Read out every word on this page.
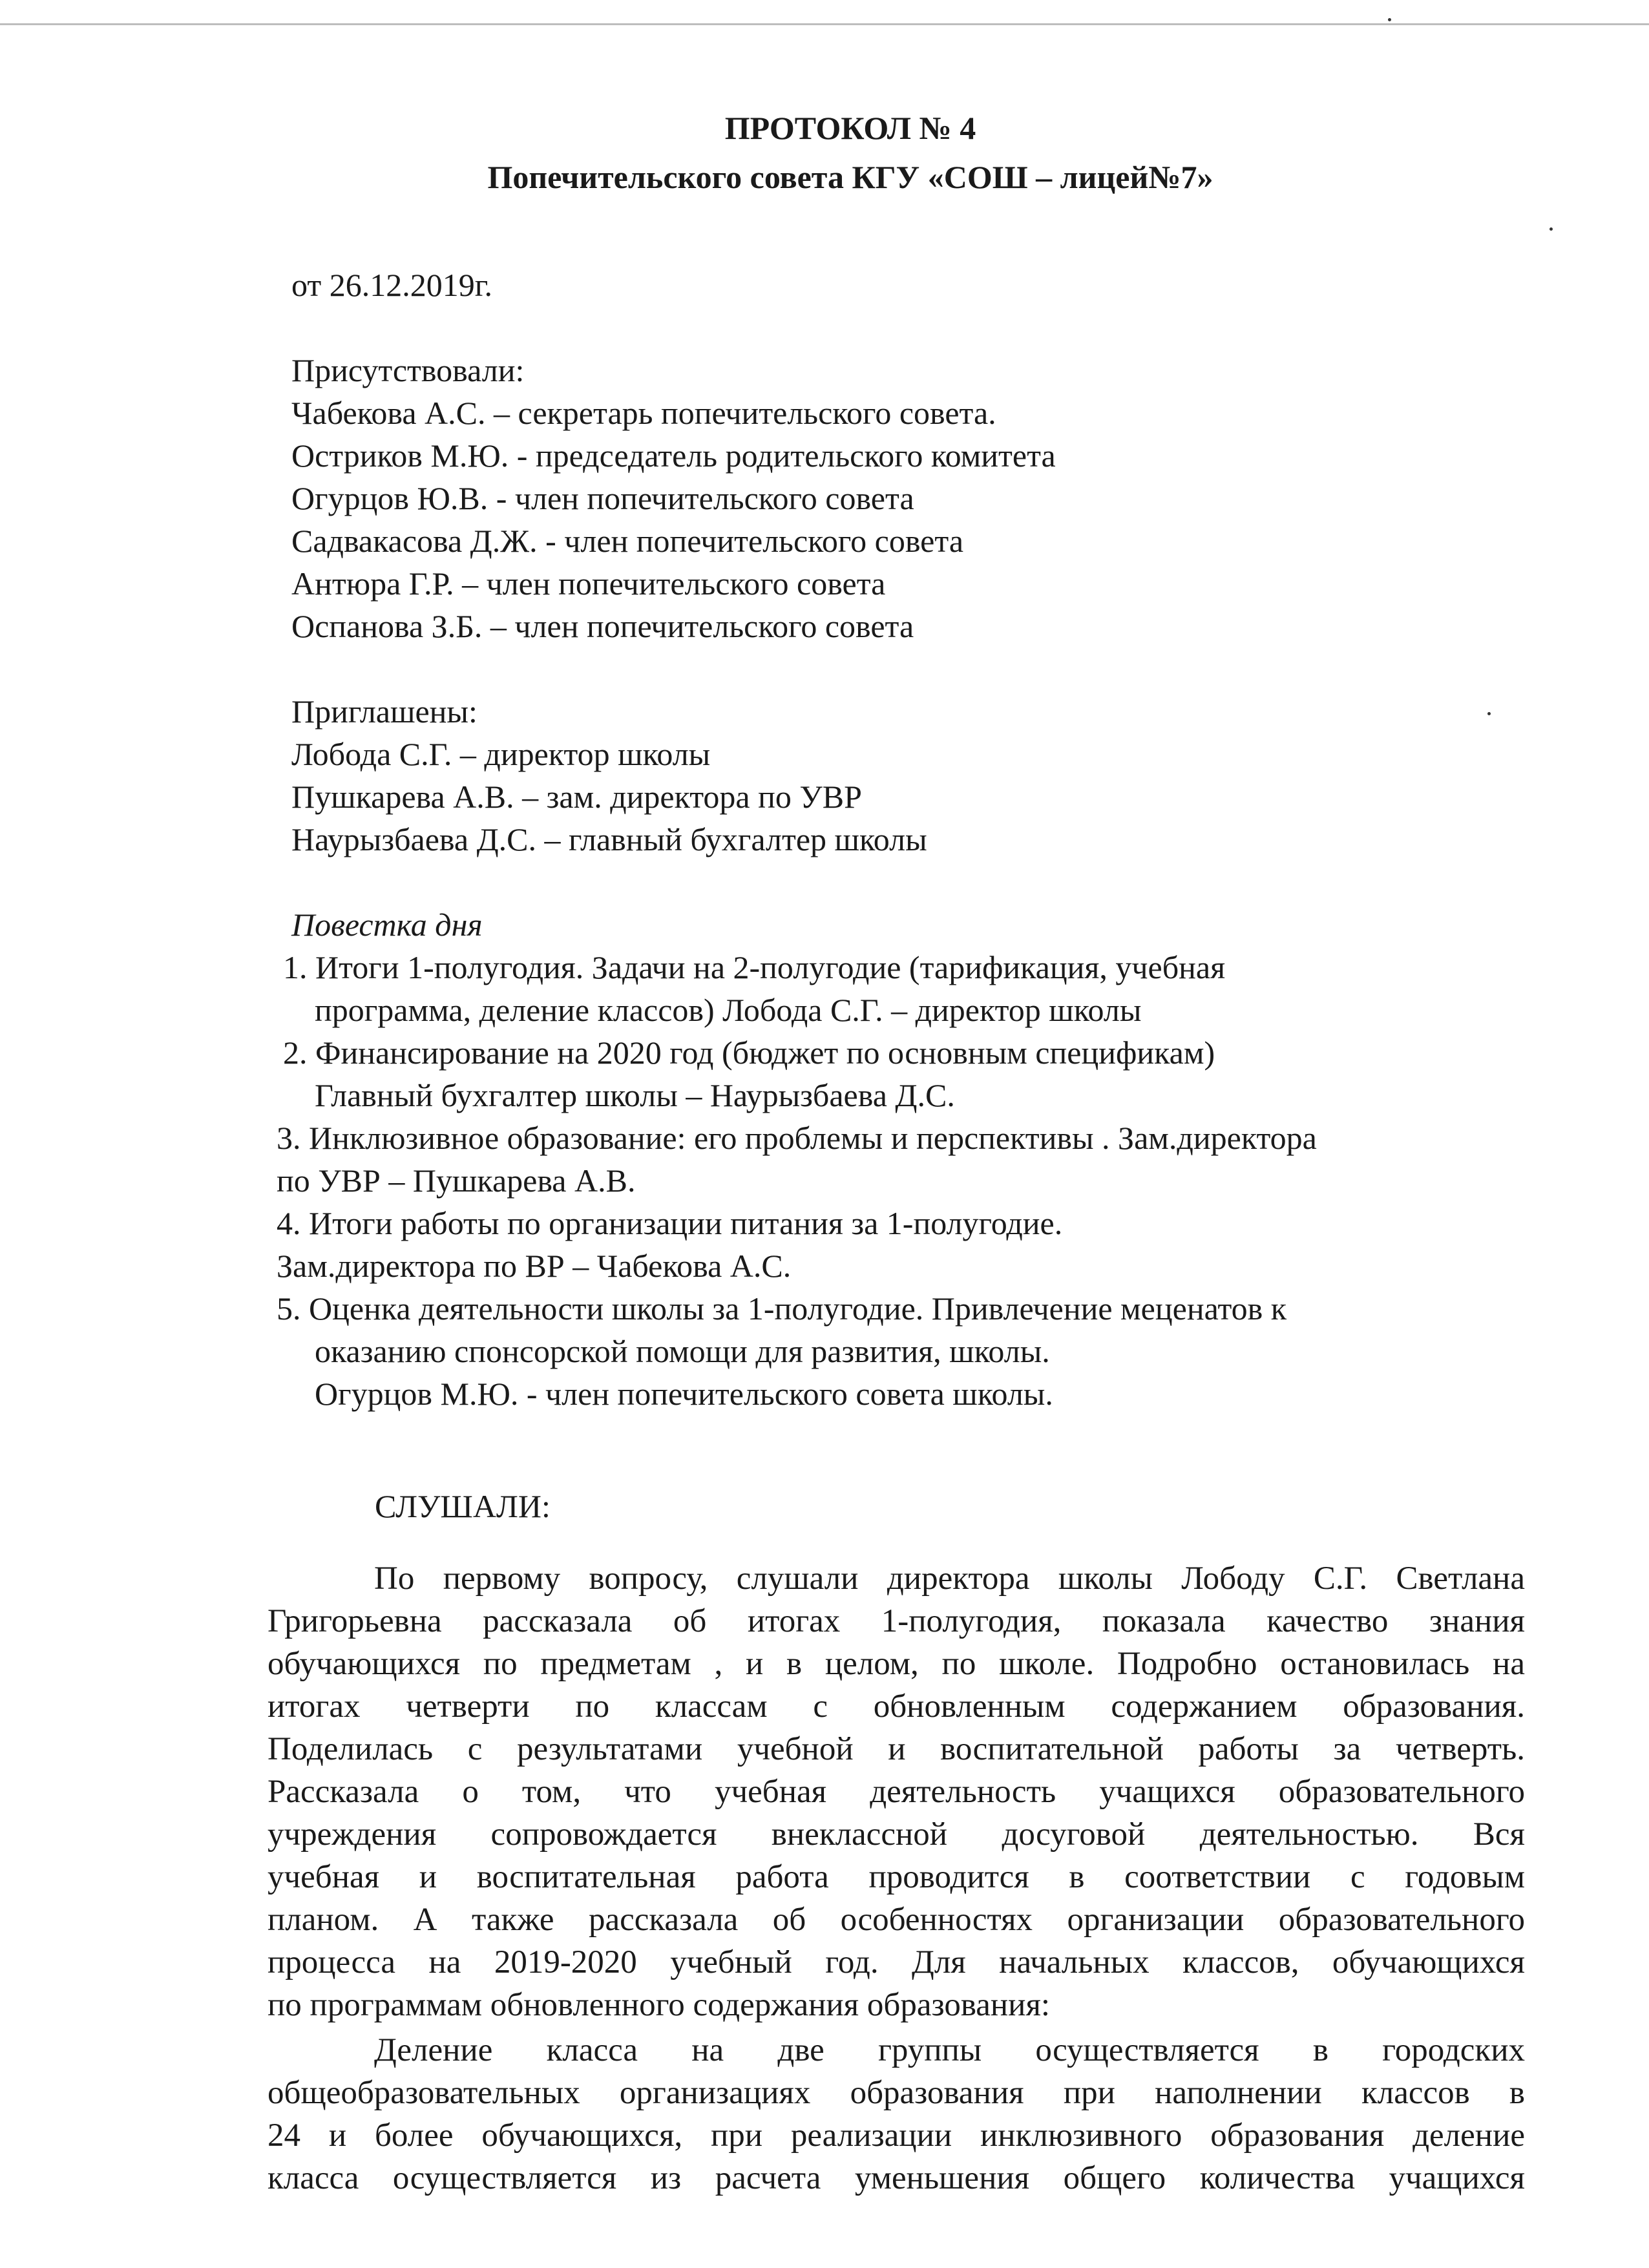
ПРОТОКОЛ № 4
Попечительского совета КГУ «СОШ – лицей№7»
от 26.12.2019г.
Присутствовали:
Чабекова А.С. – секретарь попечительского совета.
Остриков М.Ю. - председатель родительского комитета
Огурцов Ю.В. - член попечительского совета
Садвакасова Д.Ж. - член попечительского совета
Антюра Г.Р. – член попечительского совета
Оспанова З.Б. – член попечительского совета
Приглашены:
Лобода С.Г. – директор школы
Пушкарева А.В. – зам. директора по УВР
Наурызбаева Д.С. – главный бухгалтер школы
Повестка дня
1. Итоги 1-полугодия. Задачи на 2-полугодие (тарификация, учебная
программа, деление классов) Лобода С.Г. – директор школы
2. Финансирование на 2020 год (бюджет по основным спецификам)
Главный бухгалтер школы – Наурызбаева Д.С.
3. Инклюзивное образование: его проблемы и перспективы . Зам.директора
по УВР – Пушкарева А.В.
4. Итоги работы по организации питания за 1-полугодие.
Зам.директора по ВР – Чабекова А.С.
5. Оценка деятельности школы за 1-полугодие. Привлечение меценатов к
оказанию спонсорской помощи для развития, школы.
Огурцов М.Ю. - член попечительского совета школы.
СЛУШАЛИ:
По первому вопросу, слушали директора школы Лободу С.Г. Светлана
Григорьевна рассказала об итогах 1-полугодия, показала качество знания
обучающихся по предметам , и в целом, по школе. Подробно остановилась на
итогах четверти по классам с обновленным содержанием образования.
Поделилась с результатами учебной и воспитательной работы за четверть.
Рассказала о том, что учебная деятельность учащихся образовательного
учреждения сопровождается внеклассной досуговой деятельностью. Вся
учебная и воспитательная работа проводится в соответствии с годовым
планом. А также рассказала об особенностях организации образовательного
процесса на 2019-2020 учебный год. Для начальных классов, обучающихся
по программам обновленного содержания образования:
Деление класса на две группы осуществляется в городских
общеобразовательных организациях образования при наполнении классов в
24 и более обучающихся, при реализации инклюзивного образования деление
класса осуществляется из расчета уменьшения общего количества учащихся
